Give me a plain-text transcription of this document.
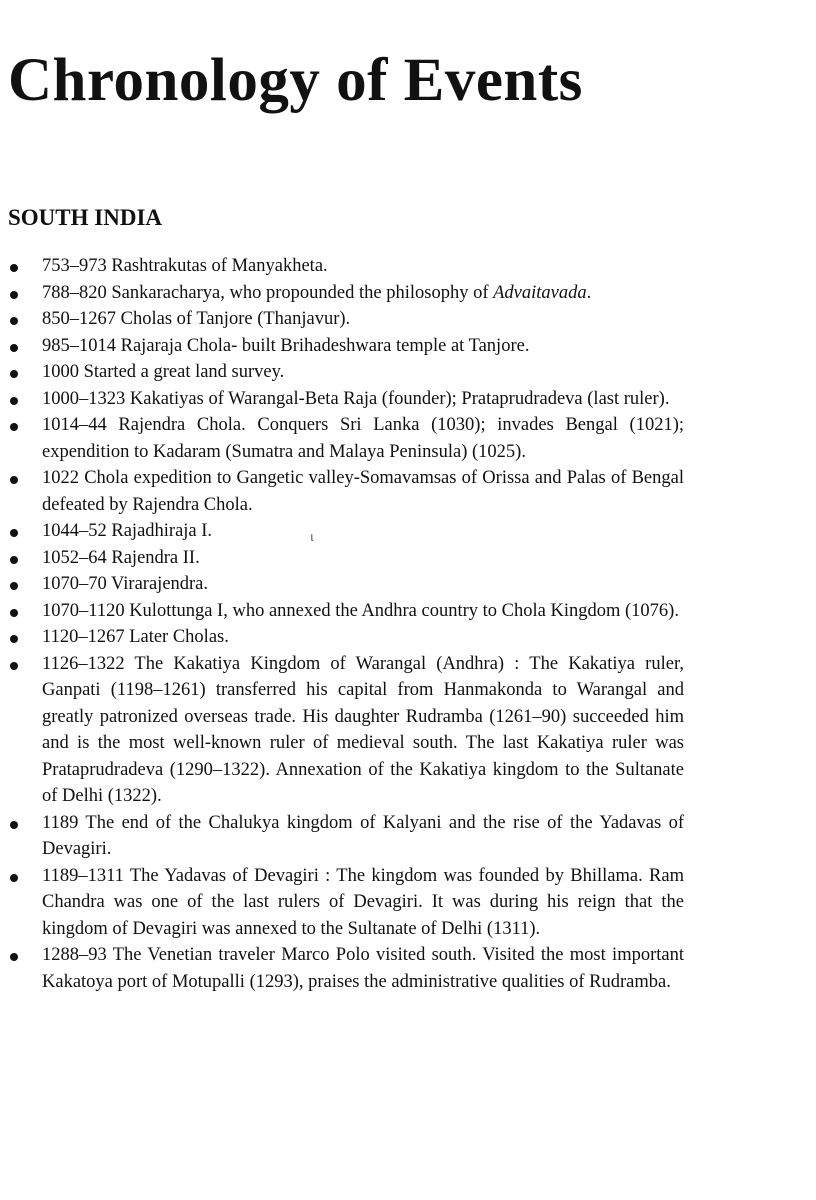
Chronology of Events
SOUTH INDIA
753–973 Rashtrakutas of Manyakheta.
788–820 Sankaracharya, who propounded the philosophy of Advaitavada.
850–1267 Cholas of Tanjore (Thanjavur).
985–1014 Rajaraja Chola- built Brihadeshwara temple at Tanjore.
1000 Started a great land survey.
1000–1323 Kakatiyas of Warangal-Beta Raja (founder); Prataprudradeva (last ruler).
1014–44 Rajendra Chola. Conquers Sri Lanka (1030); invades Bengal (1021); expendition to Kadaram (Sumatra and Malaya Peninsula) (1025).
1022 Chola expedition to Gangetic valley-Somavamsas of Orissa and Palas of Bengal defeated by Rajendra Chola.
1044–52 Rajadhiraja I.
1052–64 Rajendra II.
1070–70 Virarajendra.
1070–1120 Kulottunga I, who annexed the Andhra country to Chola Kingdom (1076).
1120–1267 Later Cholas.
1126–1322 The Kakatiya Kingdom of Warangal (Andhra) : The Kakatiya ruler, Ganpati (1198–1261) transferred his capital from Hanmakonda to Warangal and greatly patronized overseas trade. His daughter Rudramba (1261–90) succeeded him and is the most well-known ruler of medieval south. The last Kakatiya ruler was Prataprudradeva (1290–1322). Annexation of the Kakatiya kingdom to the Sultanate of Delhi (1322).
1189 The end of the Chalukya kingdom of Kalyani and the rise of the Yadavas of Devagiri.
1189–1311 The Yadavas of Devagiri : The kingdom was founded by Bhillama. Ram Chandra was one of the last rulers of Devagiri. It was during his reign that the kingdom of Devagiri was annexed to the Sultanate of Delhi (1311).
1288–93 The Venetian traveler Marco Polo visited south. Visited the most important Kakatoya port of Motupalli (1293), praises the administrative qualities of Rudramba.
ɩ
